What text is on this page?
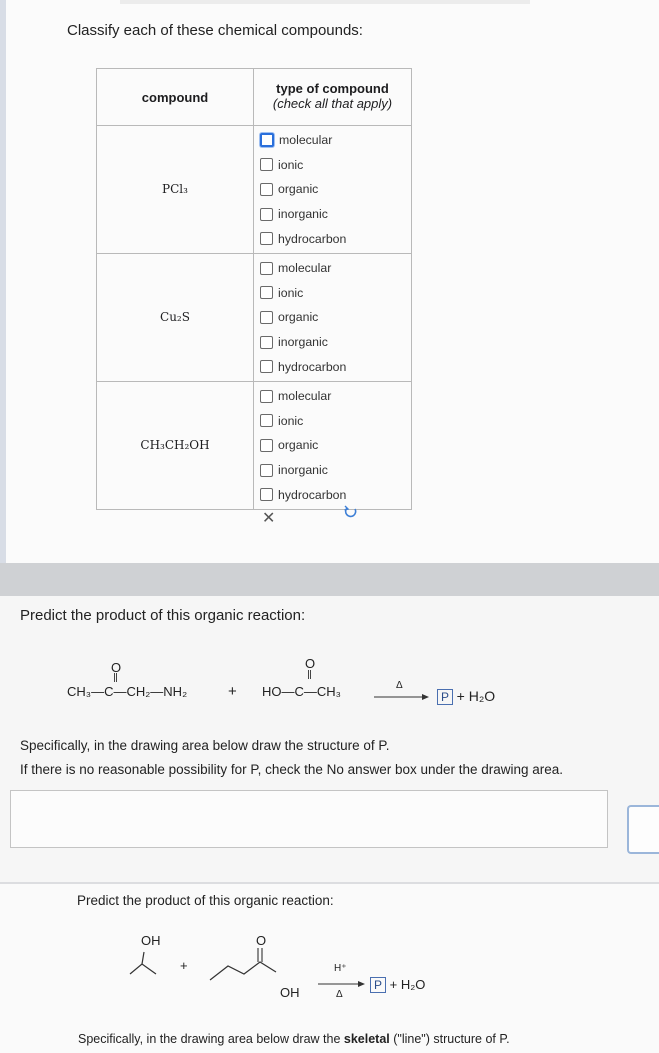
Classify each of these chemical compounds:
compound	type of compound
(check all that apply)

PCl₃	molecular
ionic
organic
inorganic
hydrocarbon

Cu₂S	molecular
ionic
organic
inorganic
hydrocarbon

CH₃CH₂OH	molecular
ionic
organic
inorganic
hydrocarbon

✕
Predict the product of this organic reaction:
O
CH₃—C—CH₂—NH₂	+
O
HO—C—CH₃	Δ
→ P + H₂O
Specifically, in the drawing area below draw the structure of P.
If there is no reasonable possibility for P, check the No answer box under the drawing area.
Predict the product of this organic reaction:
OH
+
O
OH
H⁺
Δ
P + H₂O
Specifically, in the drawing area below draw the skeletal ("line") structure of P.
